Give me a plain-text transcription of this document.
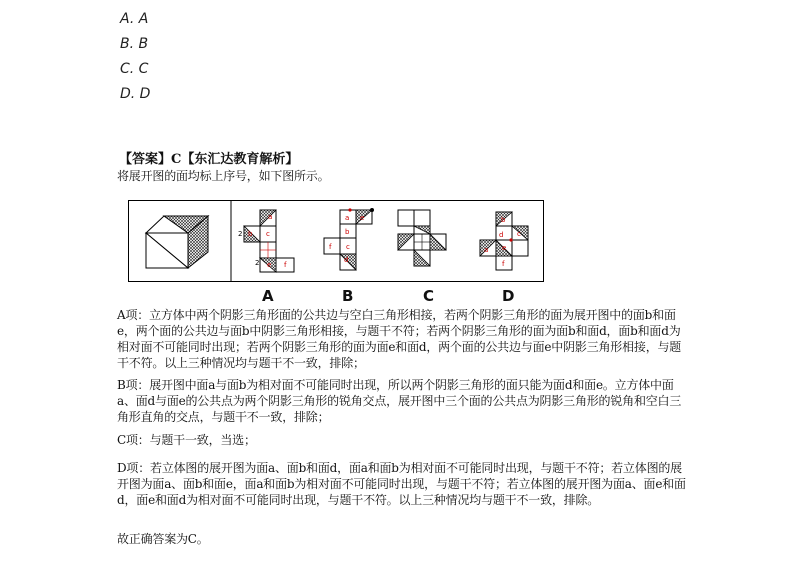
A. A
B. B
C. C
D. D
【答案】C【东汇达教育解析】

将展开图的面均标上序号，如下图所示。

a
2 b c
e
2	f
a
b
f c
d
e	b
c
d
a e
f
A	B	C	D

A项：立方体中两个阴影三角形面的公共边与空白三角形相接，若两个阴影三角形的面为展开图中的面b和面e，两个面的公共边与面b中阴影三角形相接，与题干不符；若两个阴影三角形的面为面b和面d，面b和面d为相对面不可能同时出现；若两个阴影三角形的面为面e和面d，两个面的公共边与面e中阴影三角形相接，与题干不符。以上三种情况均与题干不一致，排除；

B项：展开图中面a与面b为相对面不可能同时出现，所以两个阴影三角形的面只能为面d和面e。立方体中面a、面d与面e的公共点为两个阴影三角形的锐角交点，展开图中三个面的公共点为阴影三角形的锐角和空白三角形直角的交点，与题干不一致，排除；

C项：与题干一致，当选；

D项：若立体图的展开图为面a、面b和面d，面a和面b为相对面不可能同时出现，与题干不符；若立体图的展开图为面a、面b和面e，面a和面b为相对面不可能同时出现，与题干不符；若立体图的展开图为面a、面e和面d，面e和面d为相对面不可能同时出现，与题干不符。以上三种情况均与题干不一致，排除。

故正确答案为C。
